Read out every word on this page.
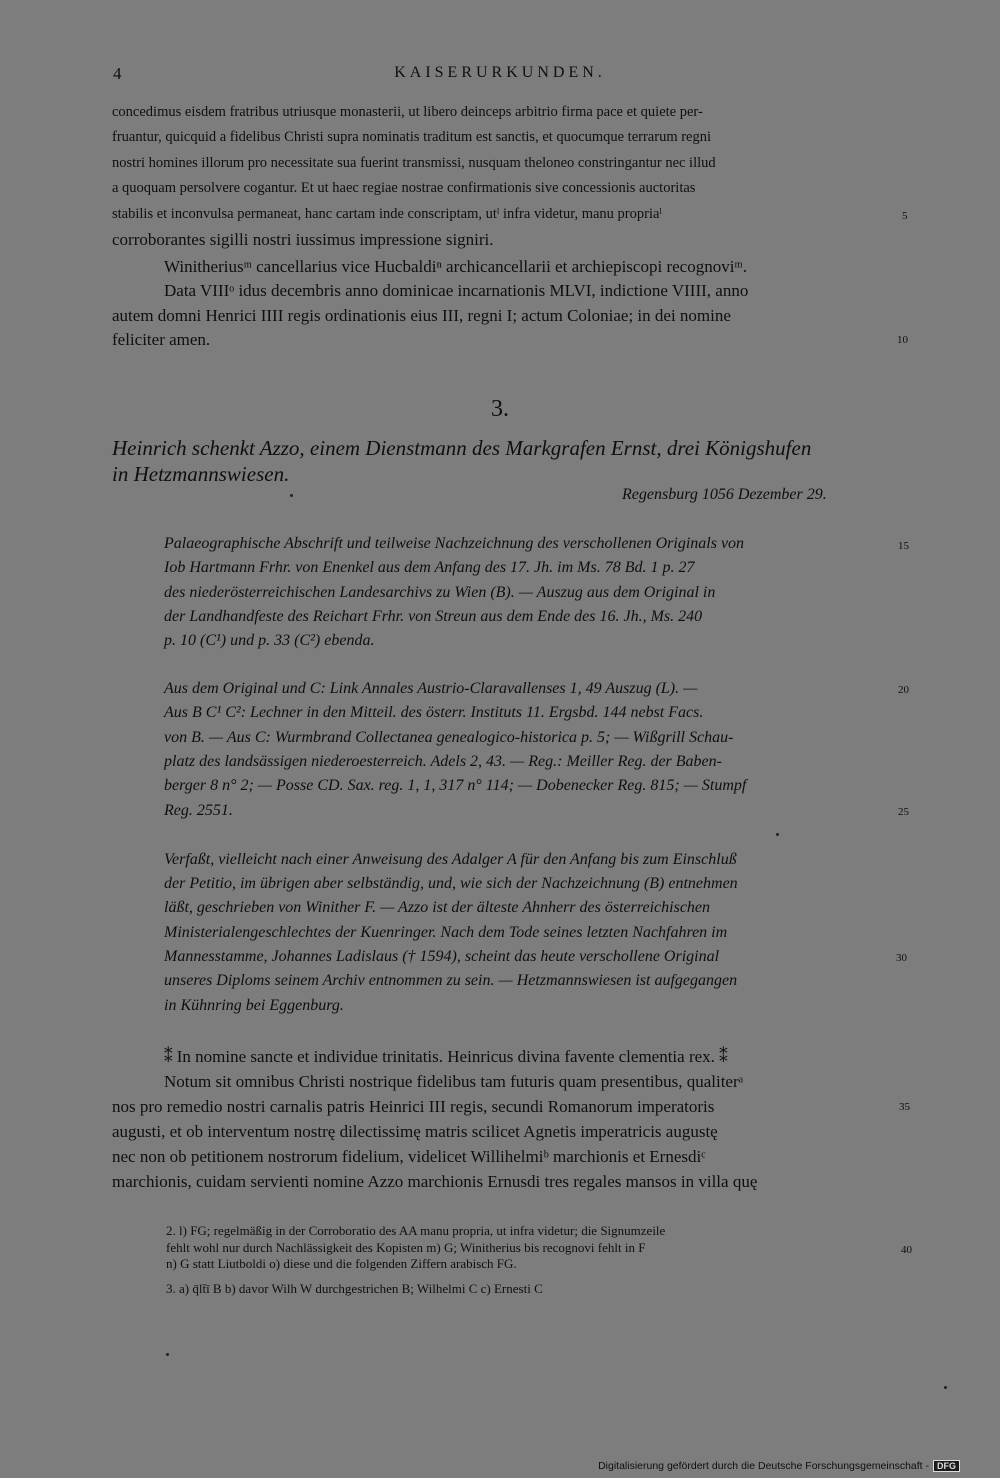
4	KAISERURKUNDEN.
concedimus eisdem fratribus utriusque monasterii, ut libero deinceps arbitrio firma pace et quiete per-
fruantur, quicquid a fidelibus Christi supra nominatis traditum est sanctis, et quocumque terrarum regni
nostri homines illorum pro necessitate sua fuerint transmissi, nusquam theloneo constringantur nec illud
a quoquam persolvere cogantur. Et ut haec regiae nostrae confirmationis sive concessionis auctoritas
stabilis et inconvulsa permaneat, hanc cartam inde conscriptam, utˡ infra videtur, manu propriaˡ
corroborantes sigilli nostri iussimus impressione signiri.
Winitheriusᵐ cancellarius vice Hucbaldiⁿ archicancellarii et archiepiscopi recognoviᵐ.
Data VIIIᵒ idus decembris anno dominicae incarnationis MLVI, indictione VIIII, anno
autem domni Henrici IIII regis ordinationis eius III, regni I; actum Coloniae; in dei nomine
feliciter amen.
5
10
3.
Heinrich schenkt Azzo, einem Dienstmann des Markgrafen Ernst, drei Königshufen
in Hetzmannswiesen.
Regensburg 1056 Dezember 29.
Palaeographische Abschrift und teilweise Nachzeichnung des verschollenen Originals von
Iob Hartmann Frhr. von Enenkel aus dem Anfang des 17. Jh. im Ms. 78 Bd. 1 p. 27
des niederösterreichischen Landesarchivs zu Wien (B). — Auszug aus dem Original in
der Landhandfeste des Reichart Frhr. von Streun aus dem Ende des 16. Jh., Ms. 240
p. 10 (C¹) und p. 33 (C²) ebenda.
Aus dem Original und C: Link Annales Austrio-Claravallenses 1, 49 Auszug (L). —
Aus B C¹ C²: Lechner in den Mitteil. des österr. Instituts 11. Ergsbd. 144 nebst Facs.
von B. — Aus C: Wurmbrand Collectanea genealogico-historica p. 5; — Wißgrill Schau-
platz des landsässigen niederoesterreich. Adels 2, 43. — Reg.: Meiller Reg. der Baben-
berger 8 n° 2; — Posse CD. Sax. reg. 1, 1, 317 n° 114; — Dobenecker Reg. 815; — Stumpf
Reg. 2551.
Verfaßt, vielleicht nach einer Anweisung des Adalger A für den Anfang bis zum Einschluß
der Petitio, im übrigen aber selbständig, und, wie sich der Nachzeichnung (B) entnehmen
läßt, geschrieben von Winither F. — Azzo ist der älteste Ahnherr des österreichischen
Ministerialengeschlechtes der Kuenringer. Nach dem Tode seines letzten Nachfahren im
Mannesstamme, Johannes Ladislaus († 1594), scheint das heute verschollene Original
unseres Diploms seinem Archiv entnommen zu sein. — Hetzmannswiesen ist aufgegangen
in Kühnring bei Eggenburg.
15
20
25
30
35
40
⁑ In nomine sancte et individue trinitatis. Heinricus divina favente clementia rex. ⁑
Notum sit omnibus Christi nostrique fidelibus tam futuris quam presentibus, qualiterᵃ
nos pro remedio nostri carnalis patris Heinrici III regis, secundi Romanorum imperatoris
augusti, et ob interventum nostrę dilectissimę matris scilicet Agnetis imperatricis augustę
nec non ob petitionem nostrorum fidelium, videlicet Willihelmiᵇ marchionis et Ernesdiᶜ
marchionis, cuidam servienti nomine Azzo marchionis Ernusdi tres regales mansos in villa quę
2. l) FG; regelmäßig in der Corroboratio des AA manu propria, ut infra videtur; die Signumzeile
fehlt wohl nur durch Nachlässigkeit des Kopisten m) G; Winitherius bis recognovi fehlt in F
n) G statt Liutboldi o) diese und die folgenden Ziffern arabisch FG.
3. a) q̄lt̄ī B b) davor Wilh W durchgestrichen B; Wilhelmi C c) Ernesti C
Digitalisierung gefördert durch die Deutsche Forschungsgemeinschaft - DFG
